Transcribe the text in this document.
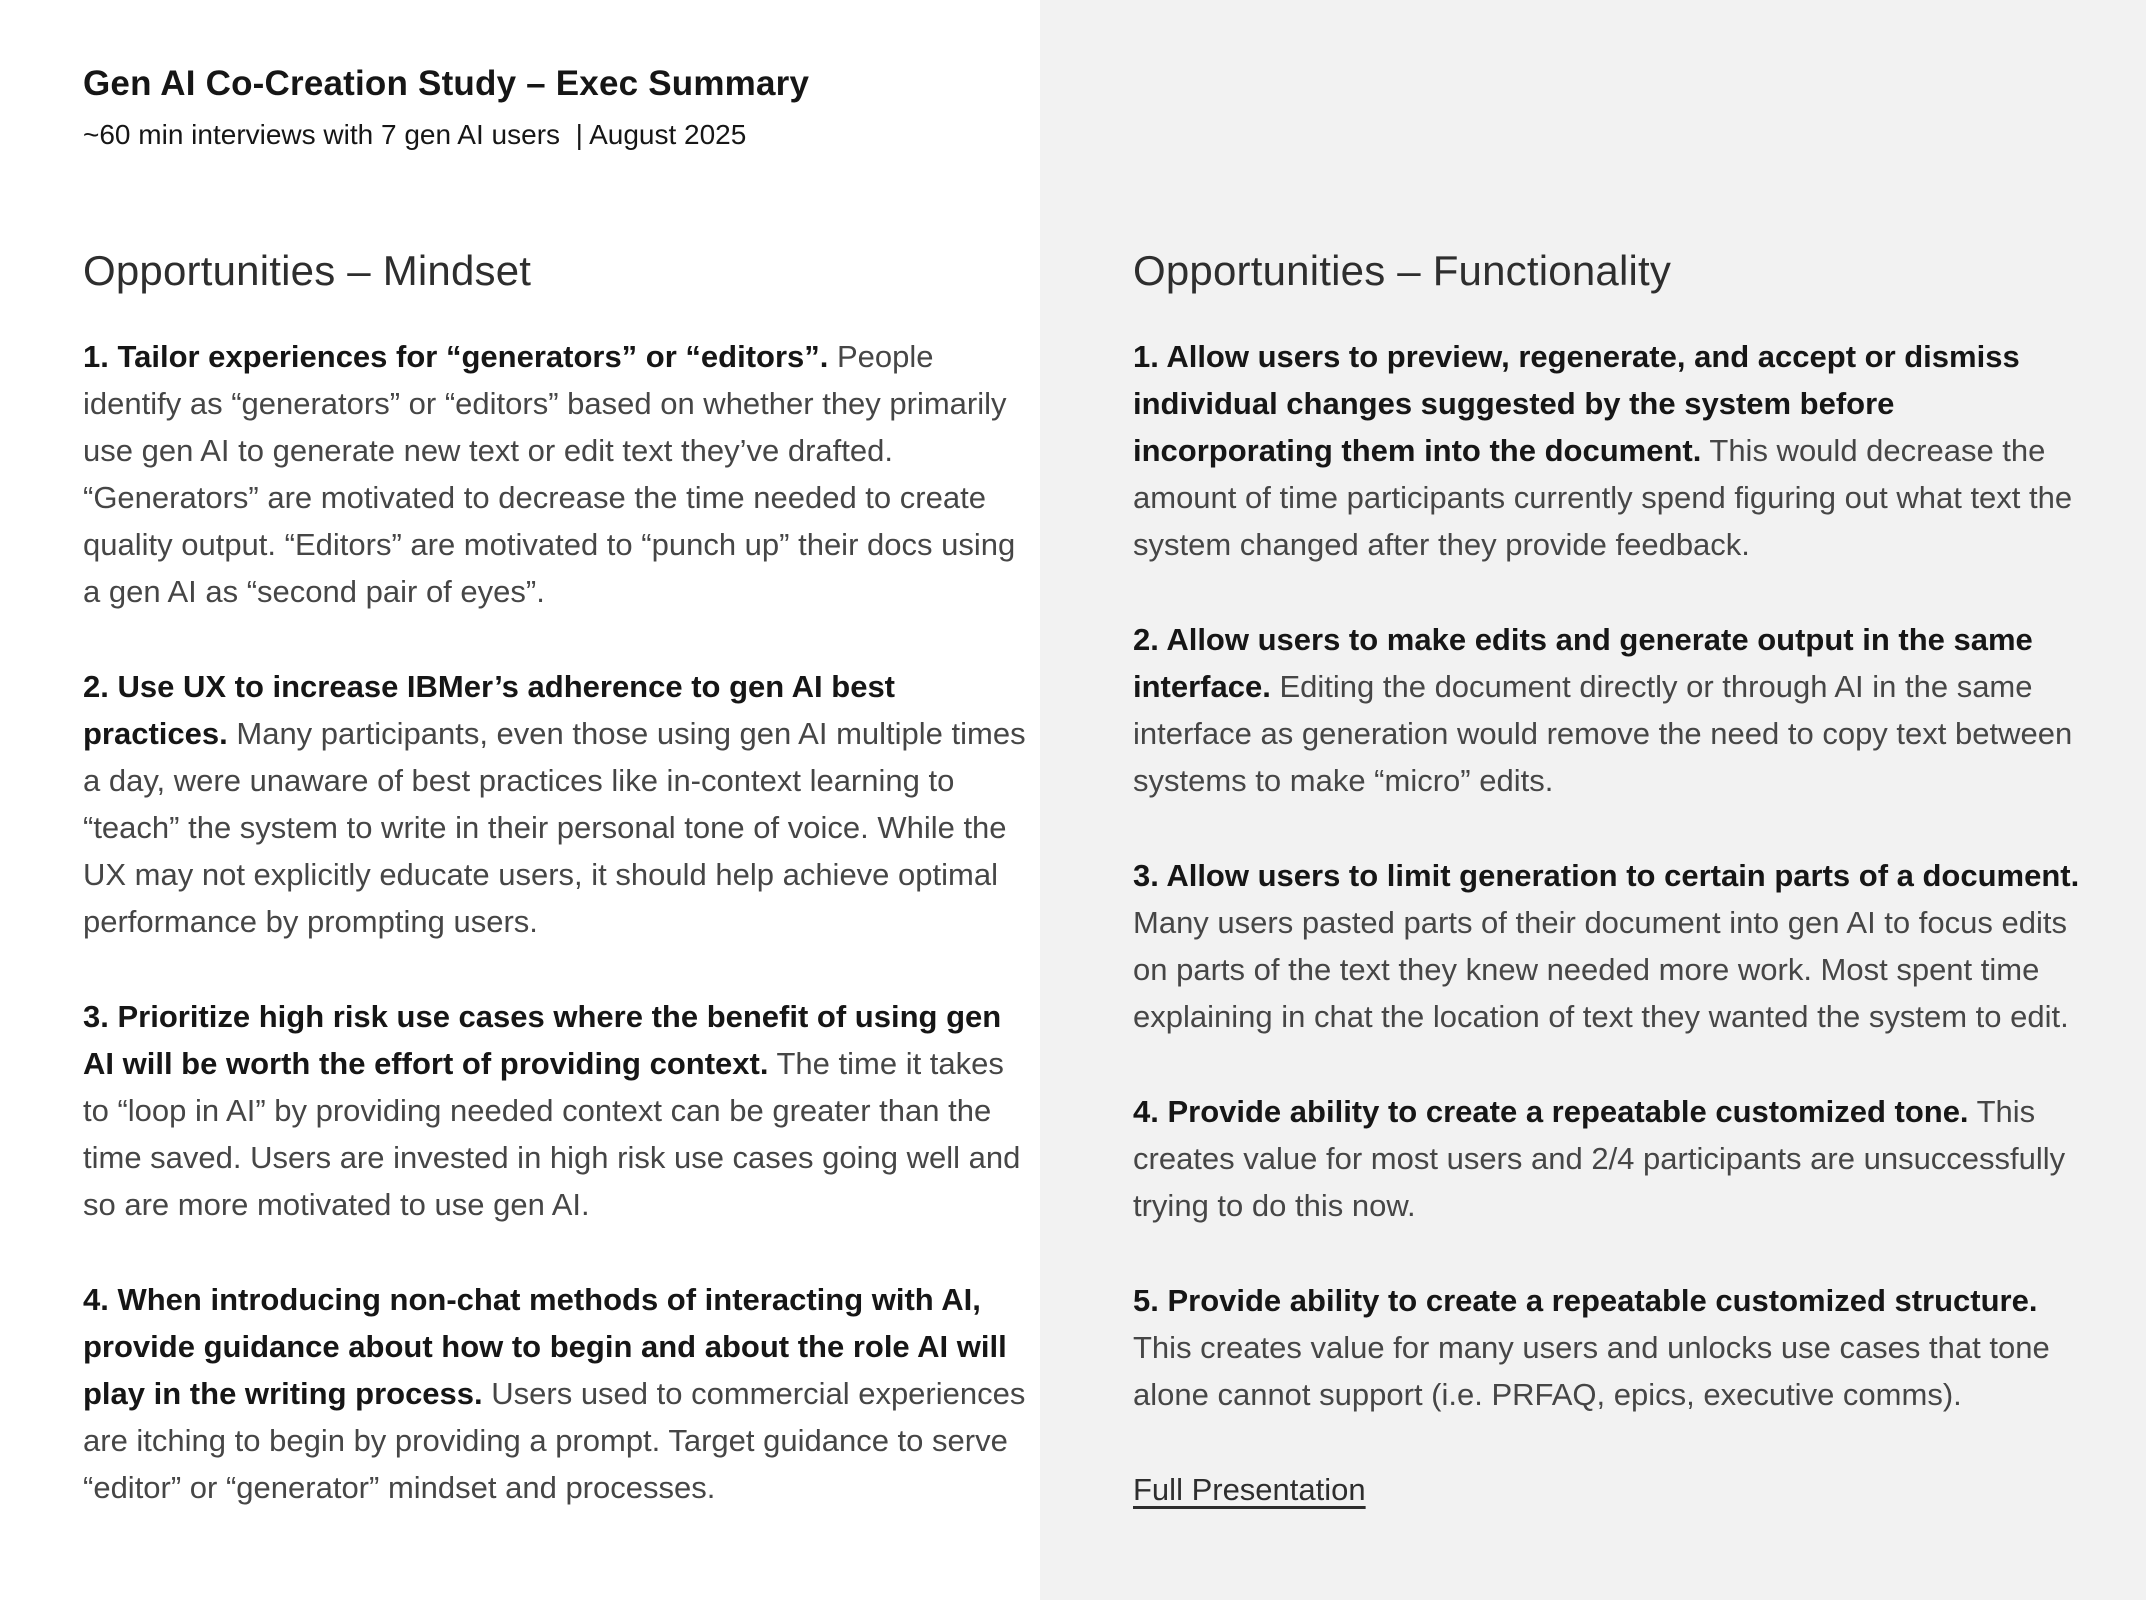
Gen AI Co-Creation Study – Exec Summary
~60 min interviews with 7 gen AI users  | August 2025
Opportunities – Mindset

1. Tailor experiences for “generators” or “editors”. People identify as “generators” or “editors” based on whether they primarily use gen AI to generate new text or edit text they’ve drafted. “Generators” are motivated to decrease the time needed to create quality output. “Editors” are motivated to “punch up” their docs using a gen AI as “second pair of eyes”.

2. Use UX to increase IBMer’s adherence to gen AI best practices. Many participants, even those using gen AI multiple times a day, were unaware of best practices like in-context learning to “teach” the system to write in their personal tone of voice. While the UX may not explicitly educate users, it should help achieve optimal performance by prompting users.

3. Prioritize high risk use cases where the benefit of using gen AI will be worth the effort of providing context. The time it takes to “loop in AI” by providing needed context can be greater than the time saved. Users are invested in high risk use cases going well and so are more motivated to use gen AI.

4. When introducing non-chat methods of interacting with AI, provide guidance about how to begin and about the role AI will play in the writing process. Users used to commercial experiences are itching to begin by providing a prompt. Target guidance to serve “editor” or “generator” mindset and processes.

Opportunities – Functionality

1. Allow users to preview, regenerate, and accept or dismiss individual changes suggested by the system before incorporating them into the document. This would decrease the amount of time participants currently spend figuring out what text the system changed after they provide feedback.

2. Allow users to make edits and generate output in the same interface. Editing the document directly or through AI in the same interface as generation would remove the need to copy text between systems to make “micro” edits.

3. Allow users to limit generation to certain parts of a document. Many users pasted parts of their document into gen AI to focus edits on parts of the text they knew needed more work. Most spent time explaining in chat the location of text they wanted the system to edit.

4. Provide ability to create a repeatable customized tone. This creates value for most users and 2/4 participants are unsuccessfully trying to do this now.

5. Provide ability to create a repeatable customized structure. This creates value for many users and unlocks use cases that tone alone cannot support (i.e. PRFAQ, epics, executive comms).

Full Presentation
